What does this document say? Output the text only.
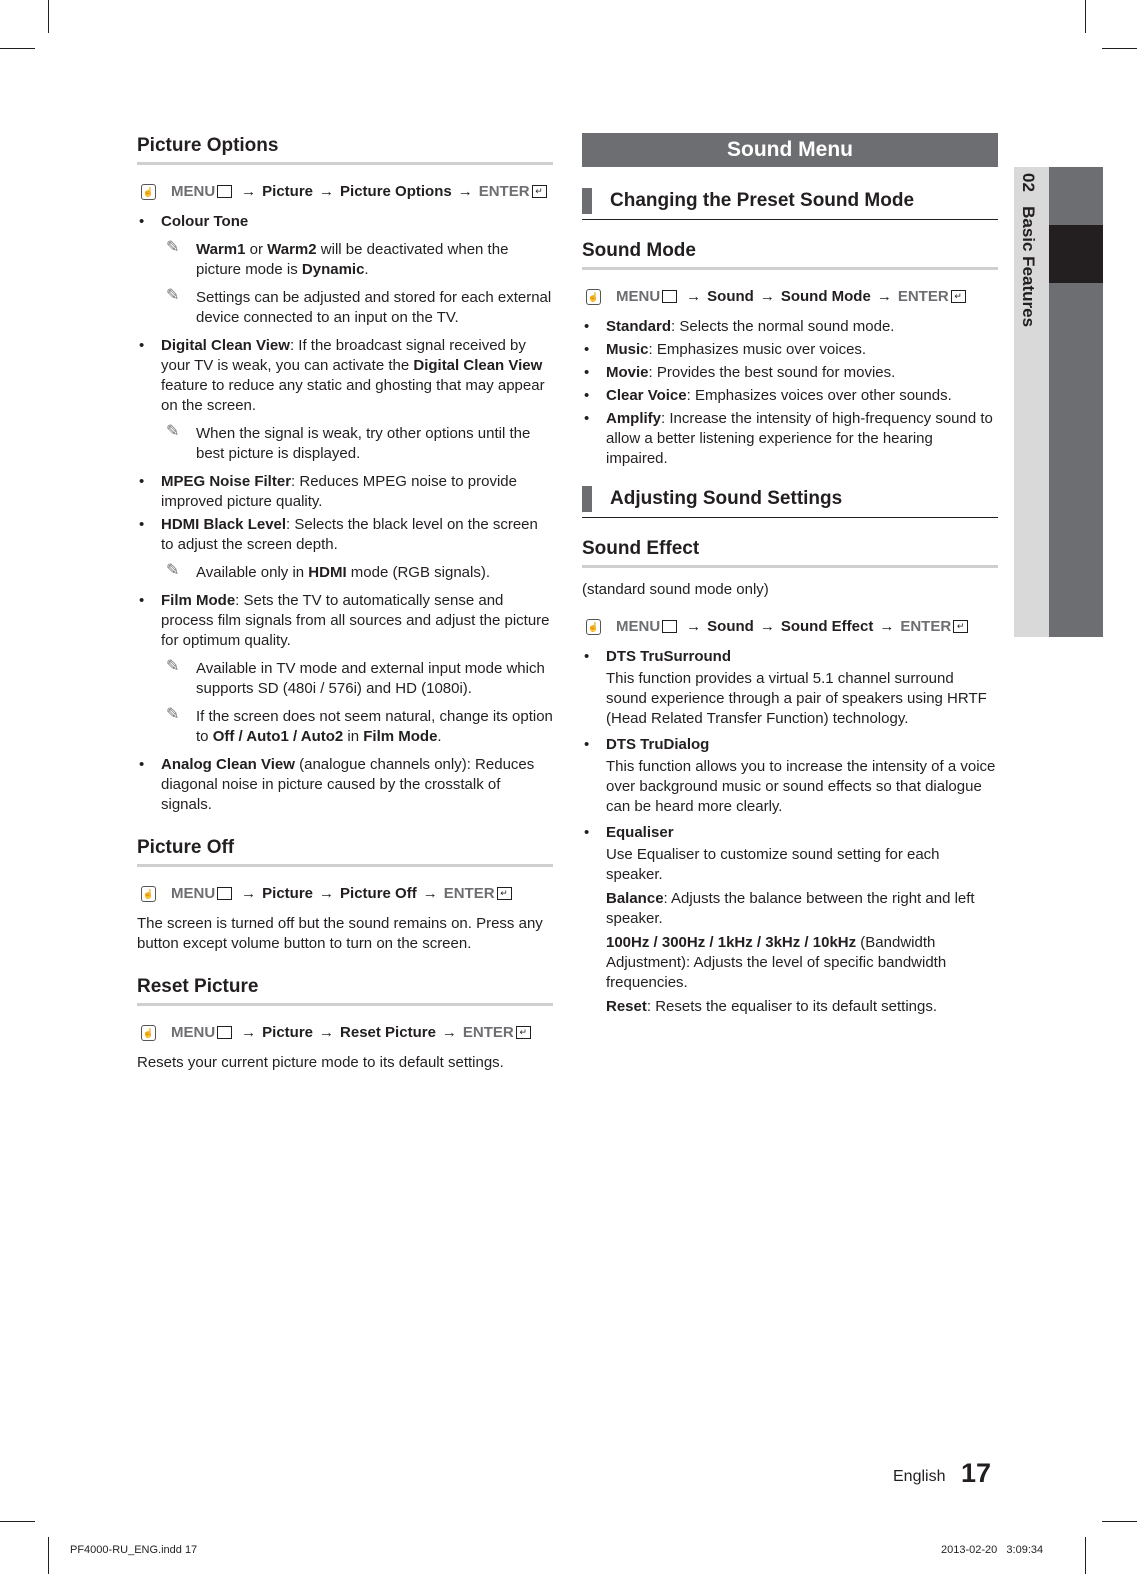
Picture Options
☝ MENU → Picture → Picture Options → ENTER ↵
• Colour Tone
✎ Warm1 or Warm2 will be deactivated when the picture mode is Dynamic.
✎ Settings can be adjusted and stored for each external device connected to an input on the TV.
• Digital Clean View: If the broadcast signal received by your TV is weak, you can activate the Digital Clean View feature to reduce any static and ghosting that may appear on the screen.
✎ When the signal is weak, try other options until the best picture is displayed.
• MPEG Noise Filter: Reduces MPEG noise to provide improved picture quality.
• HDMI Black Level: Selects the black level on the screen to adjust the screen depth.
✎ Available only in HDMI mode (RGB signals).
• Film Mode: Sets the TV to automatically sense and process film signals from all sources and adjust the picture for optimum quality.
✎ Available in TV mode and external input mode which supports SD (480i / 576i) and HD (1080i).
✎ If the screen does not seem natural, change its option to Off / Auto1 / Auto2 in Film Mode.
• Analog Clean View (analogue channels only): Reduces diagonal noise in picture caused by the crosstalk of signals.
Picture Off
☝ MENU → Picture → Picture Off → ENTER ↵
The screen is turned off but the sound remains on. Press any button except volume button to turn on the screen.
Reset Picture
☝ MENU → Picture → Reset Picture → ENTER ↵
Resets your current picture mode to its default settings.
Sound Menu
Changing the Preset Sound Mode
Sound Mode
☝ MENU → Sound → Sound Mode → ENTER ↵
• Standard: Selects the normal sound mode.
• Music: Emphasizes music over voices.
• Movie: Provides the best sound for movies.
• Clear Voice: Emphasizes voices over other sounds.
• Amplify: Increase the intensity of high-frequency sound to allow a better listening experience for the hearing impaired.
Adjusting Sound Settings
Sound Effect
(standard sound mode only)
☝ MENU → Sound → Sound Effect → ENTER ↵
• DTS TruSurround
This function provides a virtual 5.1 channel surround sound experience through a pair of speakers using HRTF (Head Related Transfer Function) technology.
• DTS TruDialog
This function allows you to increase the intensity of a voice over background music or sound effects so that dialogue can be heard more clearly.
• Equaliser
Use Equaliser to customize sound setting for each speaker.
Balance: Adjusts the balance between the right and left speaker.
100Hz / 300Hz / 1kHz / 3kHz / 10kHz (Bandwidth Adjustment): Adjusts the level of specific bandwidth frequencies.
Reset: Resets the equaliser to its default settings.
02   Basic Features
English 17
PF4000-RU_ENG.indd 17	2013-02-20   3:09:34
